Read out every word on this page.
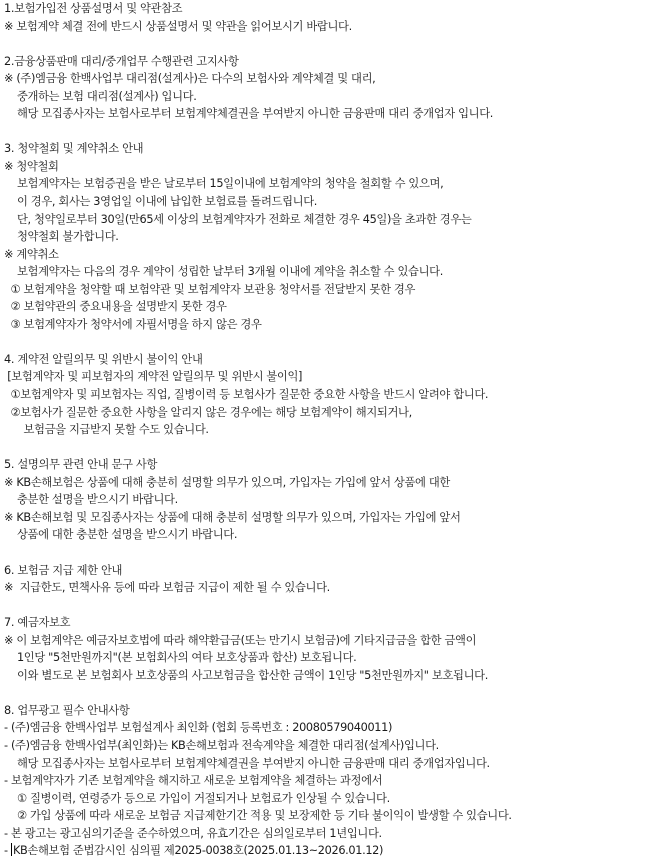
1.보험가입전 상품설명서 및 약관참조
※ 보험계약 체결 전에 반드시 상품설명서 및 약관을 읽어보시기 바랍니다.
2.금융상품판매 대리/중개업무 수행관련 고지사항
※ (주)엠금융 한백사업부 대리점(설계사)은 다수의 보험사와 계약체결 및 대리,
중개하는 보험 대리점(설계사) 입니다.
해당 모집종사자는 보험사로부터 보험계약체결권을 부여받지 아니한 금융판매 대리 중개업자 입니다.
3. 청약철회 및 계약취소 안내
※ 청약철회
보험계약자는 보험증권을 받은 날로부터 15일이내에 보험계약의 청약을 철회할 수 있으며,
이 경우, 회사는 3영업일 이내에 납입한 보험료를 돌려드립니다.
단, 청약일로부터 30일(만65세 이상의 보험계약자가 전화로 체결한 경우 45일)을 초과한 경우는
청약철회 불가합니다.
※ 계약취소
보험계약자는 다음의 경우 계약이 성립한 날부터 3개월 이내에 계약을 취소할 수 있습니다.
① 보험계약을 청약할 때 보험약관 및 보험계약자 보관용 청약서를 전달받지 못한 경우
② 보험약관의 중요내용을 설명받지 못한 경우
③ 보험계약자가 청약서에 자필서명을 하지 않은 경우
4. 계약전 알릴의무 및 위반시 불이익 안내
[보험계약자 및 피보험자의 계약전 알릴의무 및 위반시 불이익]
①보험계약자 및 피보험자는 직업, 질병이력 등 보험사가 질문한 중요한 사항을 반드시 알려야 합니다.
②보험사가 질문한 중요한 사항을 알리지 않은 경우에는 해당 보험계약이 해지되거나,
보험금을 지급받지 못할 수도 있습니다.
5. 설명의무 관련 안내 문구 사항
※ KB손해보험은 상품에 대해 충분히 설명할 의무가 있으며, 가입자는 가입에 앞서 상품에 대한
충분한 설명을 받으시기 바랍니다.
※ KB손해보험 및 모집종사자는 상품에 대해 충분히 설명할 의무가 있으며, 가입자는 가입에 앞서
상품에 대한 충분한 설명을 받으시기 바랍니다.
6. 보험금 지급 제한 안내
※  지급한도, 면책사유 등에 따라 보험금 지급이 제한 될 수 있습니다.
7. 예금자보호
※ 이 보험계약은 예금자보호법에 따라 해약환급금(또는 만기시 보험금)에 기타지급금을 합한 금액이
1인당 "5천만원까지"(본 보험회사의 여타 보호상품과 합산) 보호됩니다.
이와 별도로 본 보험회사 보호상품의 사고보험금을 합산한 금액이 1인당 "5천만원까지" 보호됩니다.
8. 업무광고 필수 안내사항
- (주)엠금융 한백사업부 보험설계사 최인화 (협회 등록번호 : 20080579040011)
- (주)엠금융 한백사업부(최인화)는 KB손해보험과 전속계약을 체결한 대리점(설계사)입니다.
해당 모집종사자는 보험사로부터 보험계약체결권을 부여받지 아니한 금융판매 대리 중개업자입니다.
- 보험계약자가 기존 보험계약을 해지하고 새로운 보험계약을 체결하는 과정에서
① 질병이력, 연령증가 등으로 가입이 거절되거나 보험료가 인상될 수 있습니다.
② 가입 상품에 따라 새로운 보험금 지급제한기간 적용 및 보장제한 등 기타 불이익이 발생할 수 있습니다.
- 본 광고는 광고심의기준을 준수하였으며, 유효기간은 심의일로부터 1년입니다.
- KB손해보험 준법감시인 심의필 제2025-0038호(2025.01.13~2026.01.12)
